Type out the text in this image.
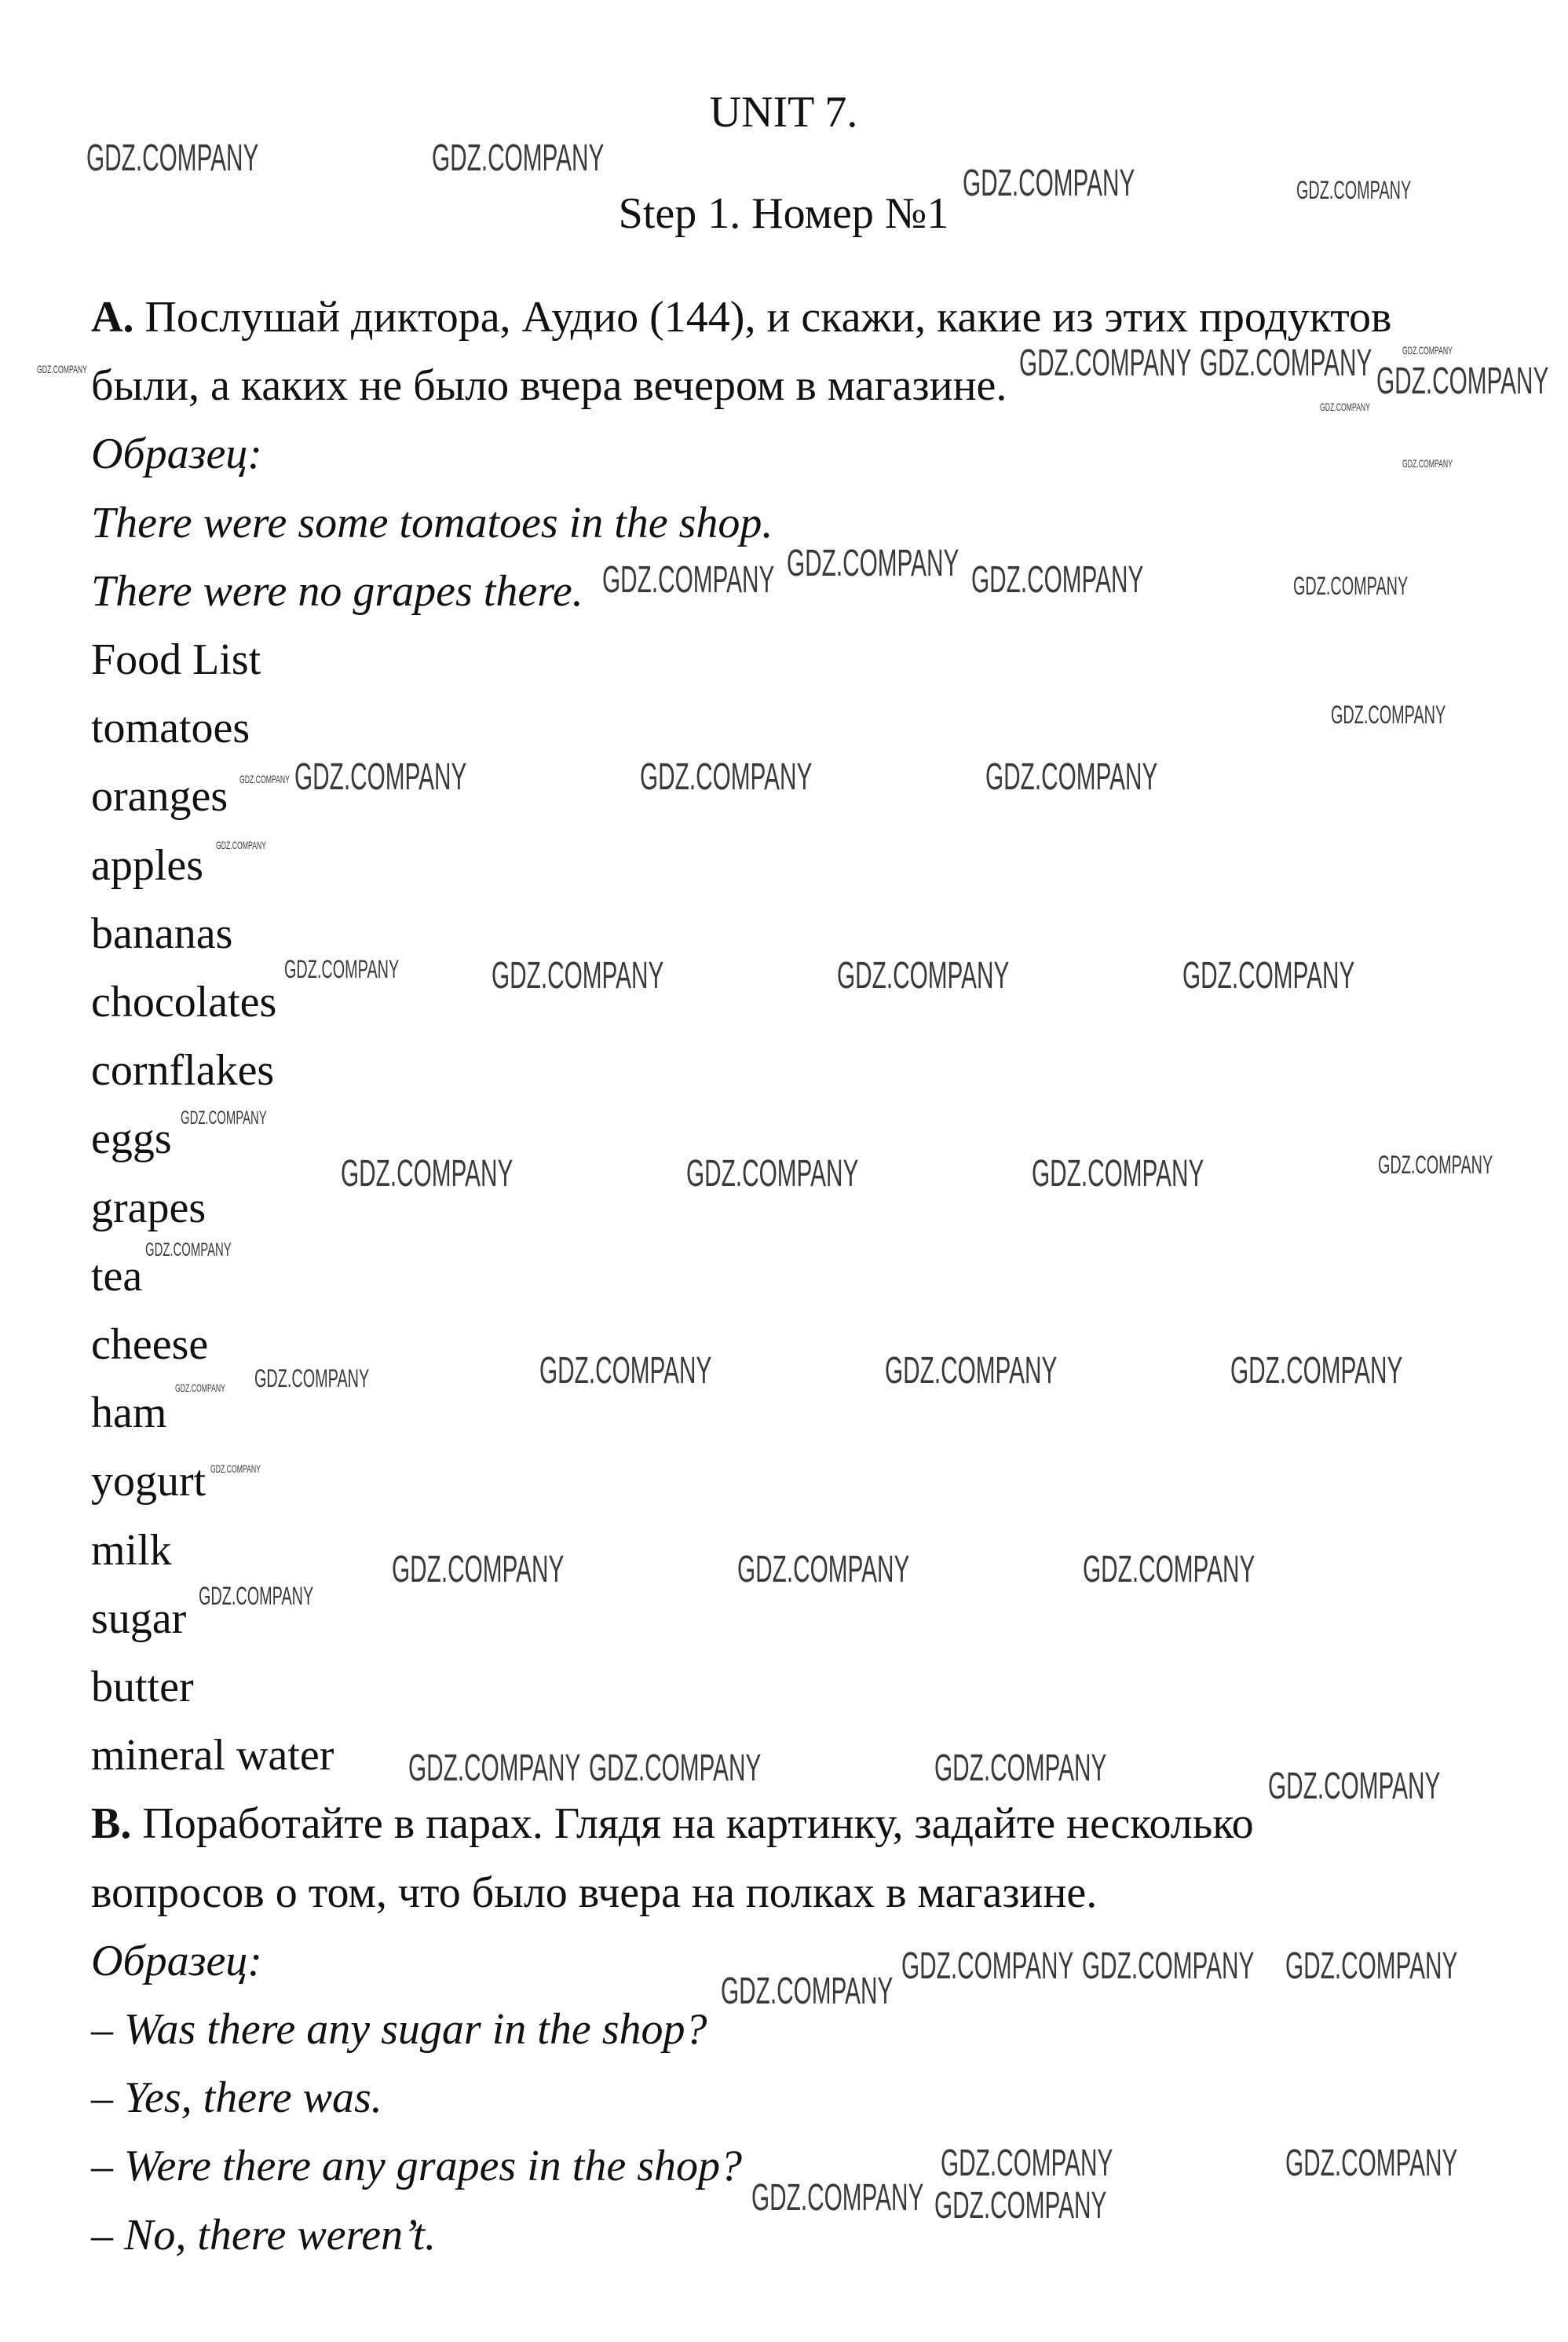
UNIT 7.
Step 1. Номер №1
A. Послушай диктора, Аудио (144), и скажи, какие из этих продуктов
были, а каких не было вчера вечером в магазине.
Образец:
There were some tomatoes in the shop.
There were no grapes there.
Food List
tomatoes
oranges
apples
bananas
chocolates
cornflakes
eggs
grapes
tea
cheese
ham
yogurt
milk
sugar
butter
mineral water
B. Поработайте в парах. Глядя на картинку, задайте несколько
вопросов о том, что было вчера на полках в магазине.
Образец:
– Was there any sugar in the shop?
– Yes, there was.
– Were there any grapes in the shop?
– No, there weren’t.
GDZ.COMPANY	GDZ.COMPANY
GDZ.COMPANY	GDZ.COMPANY
GDZ.COMPANY GDZ.COMPANY GDZ.COMPANY
GDZ.COMPANY
GDZ.COMPANY
GDZ.COMPANY
GDZ.COMPANY
GDZ.COMPANY
GDZ.COMPANY	GDZ.COMPANY	GDZ.COMPANY
GDZ.COMPANY
GDZ.COMPANY GDZ.COMPANY	GDZ.COMPANY	GDZ.COMPANY
GDZ.COMPANY
GDZ.COMPANY GDZ.COMPANY	GDZ.COMPANY	GDZ.COMPANY
GDZ.COMPANY
GDZ.COMPANY	GDZ.COMPANY	GDZ.COMPANY	GDZ.COMPANY
GDZ.COMPANY
GDZ.COMPANY GDZ.COMPANY	GDZ.COMPANY	GDZ.COMPANY	GDZ.COMPANY
GDZ.COMPANY
GDZ.COMPANY
GDZ.COMPANY	GDZ.COMPANY	GDZ.COMPANY
GDZ.COMPANY
GDZ.COMPANY	GDZ.COMPANY
GDZ.COMPANY
GDZ.COMPANY
GDZ.COMPANY GDZ.COMPANY GDZ.COMPANY
GDZ.COMPANY	GDZ.COMPANY
GDZ.COMPANY GDZ.COMPANY
